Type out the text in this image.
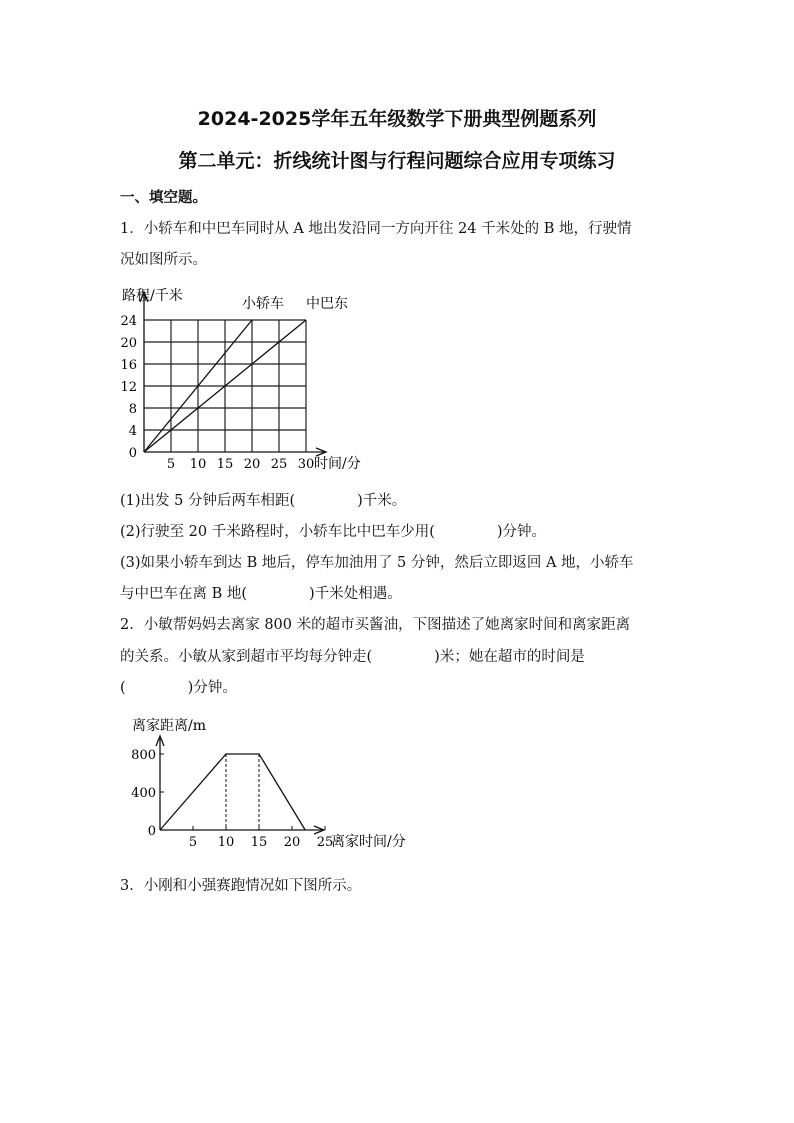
2024-2025学年五年级数学下册典型例题系列
第二单元：折线统计图与行程问题综合应用专项练习
一、填空题。
1．小轿车和中巴车同时从 A 地出发沿同一方向开往 24 千米处的 B 地，行驶情
况如图所示。
0
4
8
12
16
20
24
5 10 15 20 25 30
路程/千米
时间/分
小轿车 中巴东
(1)出发 5 分钟后两车相距(	)千米。
(2)行驶至 20 千米路程时，小轿车比中巴车少用(	)分钟。
(3)如果小轿车到达 B 地后，停车加油用了 5 分钟，然后立即返回 A 地，小轿车
与中巴车在离 B 地(	)千米处相遇。
2．小敏帮妈妈去离家 800 米的超市买酱油，下图描述了她离家时间和离家距离
的关系。小敏从家到超市平均每分钟走(	)米；她在超市的时间是
(	)分钟。
0
400
800
5 10 15 20 25
离家距离/m
离家时间/分
3．小刚和小强赛跑情况如下图所示。
